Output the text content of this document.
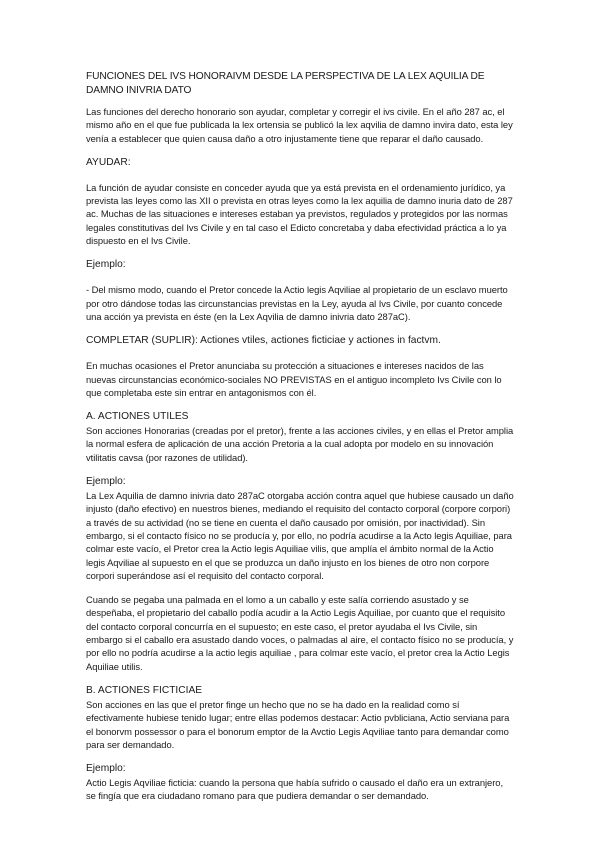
FUNCIONES DEL IVS HONORAIVM DESDE LA PERSPECTIVA DE LA LEX AQUILIA DE DAMNO INIVRIA DATO

Las funciones del derecho honorario son ayudar, completar y corregir el ivs civile. En el año 287 ac, el mismo año en el que fue publicada la lex ortensia se publicó la lex aqvilia de damno invira dato, esta ley venía a establecer que quien causa daño a otro injustamente tiene que reparar el daño causado.

AYUDAR:

La función de ayudar consiste en conceder ayuda que ya está prevista en el ordenamiento jurídico, ya prevista las leyes como las XII o prevista en otras leyes como la lex aquilia de damno inuria dato de 287 ac. Muchas de las situaciones e intereses estaban ya previstos, regulados y protegidos por las normas legales constitutivas del Ivs Civile y en tal caso el Edicto concretaba y daba efectividad práctica a lo ya dispuesto en el Ivs Civile.

Ejemplo:

- Del mismo modo, cuando el Pretor concede la Actio legis Aqviliae al propietario de un esclavo muerto por otro dándose todas las circunstancias previstas en la Ley, ayuda al Ivs Civile, por cuanto concede una acción ya prevista en éste (en la Lex Aqvilia de damno inivria dato 287aC).

COMPLETAR (SUPLIR): Actiones vtiles, actiones ficticiae y actiones in factvm.

En muchas ocasiones el Pretor anunciaba su protección a situaciones e intereses nacidos de las nuevas circunstancias económico-sociales NO PREVISTAS en el antiguo incompleto Ivs Civile con lo que completaba este sin entrar en antagonismos con él.

A. ACTIONES UTILES

Son acciones Honorarias (creadas por el pretor), frente a las acciones civiles, y en ellas el Pretor amplia la normal esfera de aplicación de una acción Pretoria a la cual adopta por modelo en su innovación vtilitatis cavsa (por razones de utilidad).

Ejemplo:

La Lex Aquilia de damno inivria dato 287aC otorgaba acción contra aquel que hubiese causado un daño injusto (daño efectivo) en nuestros bienes, mediando el requisito del contacto corporal (corpore corpori) a través de su actividad (no se tiene en cuenta el daño causado por omisión, por inactividad). Sin embargo, si el contacto físico no se producía y, por ello, no podría acudirse a la Acto legis Aquiliae, para colmar este vacío, el Pretor crea la Actio legis Aquiliae vilis, que amplía el ámbito normal de la Actio legis Aqviliae al supuesto en el que se produzca un daño injusto en los bienes de otro non corpore corpori superándose así el requisito del contacto corporal.

Cuando se pegaba una palmada en el lomo a un caballo y este salía corriendo asustado y se despeñaba, el propietario del caballo podía acudir a la Actio Legis Aquiliae, por cuanto que el requisito del contacto corporal concurría en el supuesto; en este caso, el pretor ayudaba el Ivs Civile, sin embargo si el caballo era asustado dando voces, o palmadas al aire, el contacto físico no se producía, y por ello no podría acudirse a la actio legis aquiliae , para colmar este vacío, el pretor crea la Actio Legis Aquiliae utilis.

B. ACTIONES FICTICIAE

Son acciones en las que el pretor finge un hecho que no se ha dado en la realidad como sí efectivamente hubiese tenido lugar; entre ellas podemos destacar: Actio pvbliciana, Actio serviana para el bonorvm possessor o para el bonorum emptor de la Avctio Legis Aqviliae tanto para demandar como para ser demandado.

Ejemplo:

Actio Legis Aqviliae ficticia: cuando la persona que había sufrido o causado el daño era un extranjero, se fingía que era ciudadano romano para que pudiera demandar o ser demandado.
